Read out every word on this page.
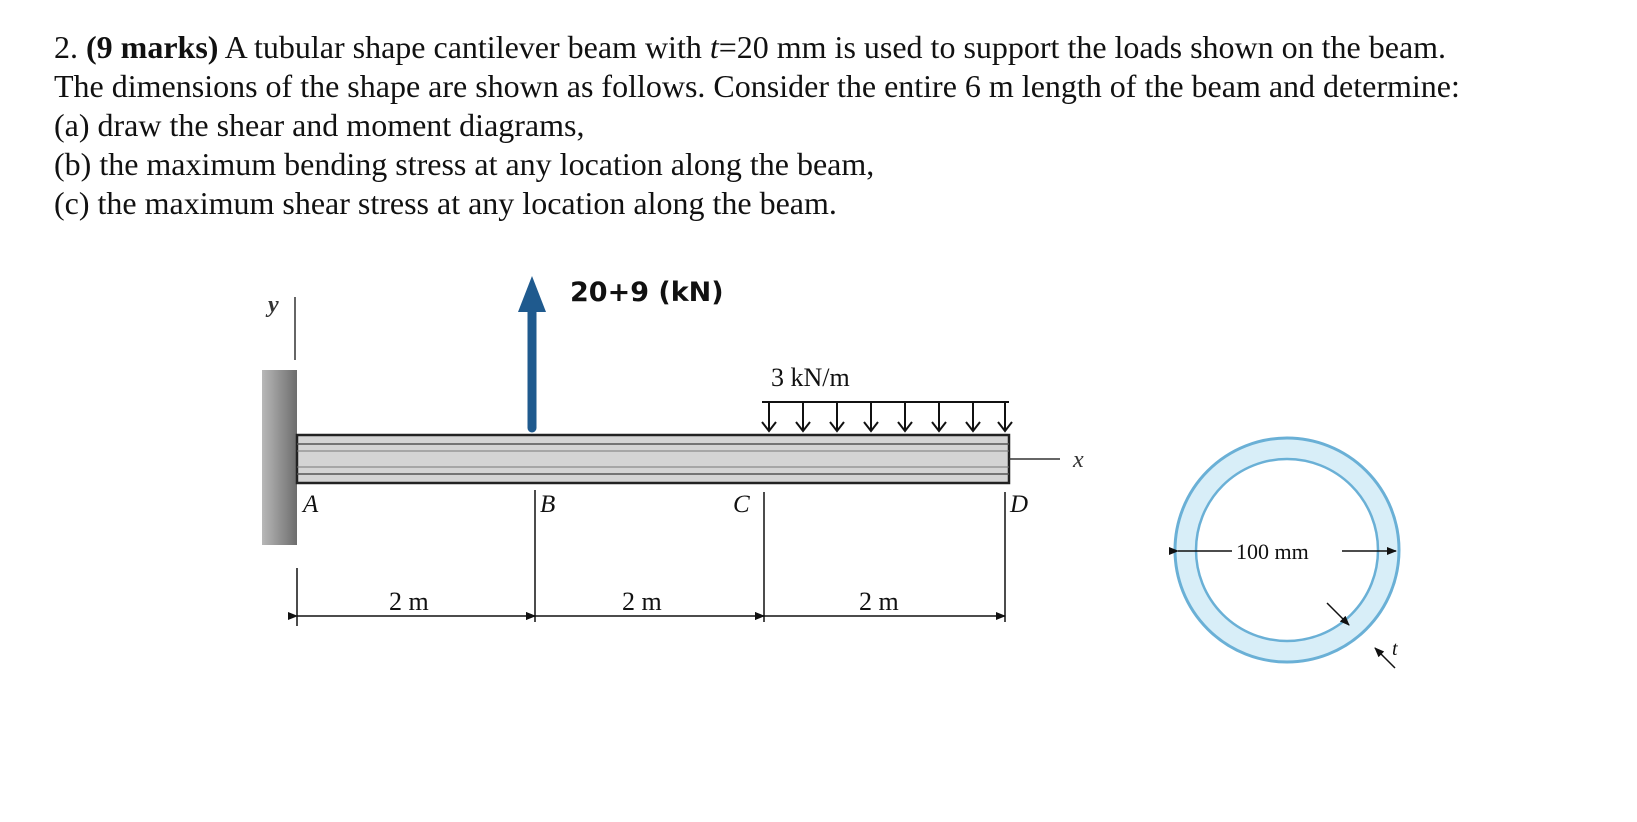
2. (9 marks) A tubular shape cantilever beam with t=20 mm is used to support the loads shown on the beam.

The dimensions of the shape are shown as follows. Consider the entire 6 m length of the beam and determine:

(a) draw the shear and moment diagrams,

(b) the maximum bending stress at any location along the beam,

(c) the maximum shear stress at any location along the beam.

y
x
20+9 (kN)
3 kN/m
A	B	C	D
2 m	2 m	2 m
100 mm
t
